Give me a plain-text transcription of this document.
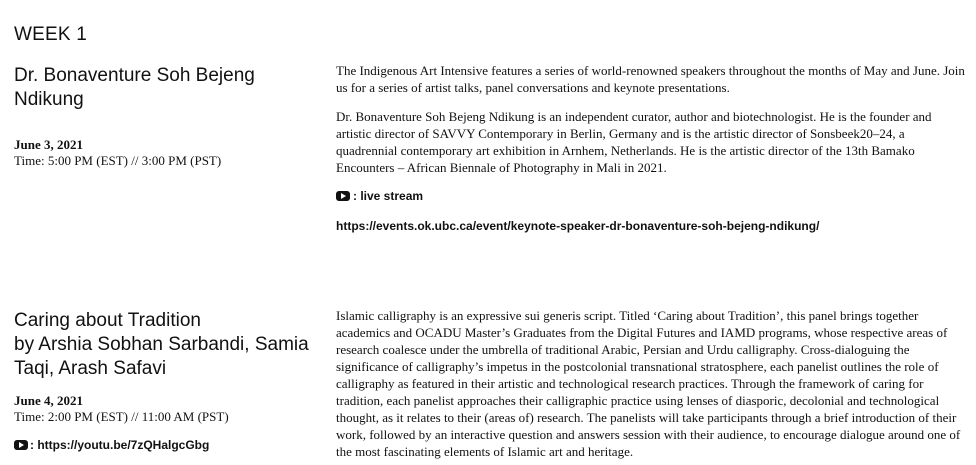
WEEK 1
Dr. Bonaventure Soh Bejeng
Ndikung
June 3, 2021
Time: 5:00 PM (EST) // 3:00 PM (PST)

The Indigenous Art Intensive features a series of world-renowned speakers throughout the months of May and June. Join us for a series of artist talks, panel conversations and keynote presentations.

Dr. Bonaventure Soh Bejeng Ndikung is an independent curator, author and biotechnologist. He is the founder and artistic director of SAVVY Contemporary in Berlin, Germany and is the artistic director of Sonsbeek20–24, a quadrennial contemporary art exhibition in Arnhem, Netherlands. He is the artistic director of the 13th Bamako Encounters – African Biennale of Photography in Mali in 2021.

: live stream
https://events.ok.ubc.ca/event/keynote-speaker-dr-bonaventure-soh-bejeng-ndikung/
Caring about Tradition
by Arshia Sobhan Sarbandi, Samia
Taqi, Arash Safavi
June 4, 2021
Time: 2:00 PM (EST) // 11:00 AM (PST)
: https://youtu.be/7zQHalgcGbg

Islamic calligraphy is an expressive sui generis script. Titled ‘Caring about Tradition’, this panel brings together academics and OCADU Master’s Graduates from the Digital Futures and IAMD programs, whose respective areas of research coalesce under the umbrella of traditional Arabic, Persian and Urdu calligraphy. Cross-dialoguing the significance of calligraphy’s impetus in the postcolonial transnational stratosphere, each panelist outlines the role of calligraphy as featured in their artistic and technological research practices. Through the framework of caring for tradition, each panelist approaches their calligraphic practice using lenses of diasporic, decolonial and technological thought, as it relates to their (areas of) research. The panelists will take participants through a brief introduction of their work, followed by an interactive question and answers session with their audience, to encourage dialogue around one of the most fascinating elements of Islamic art and heritage.
